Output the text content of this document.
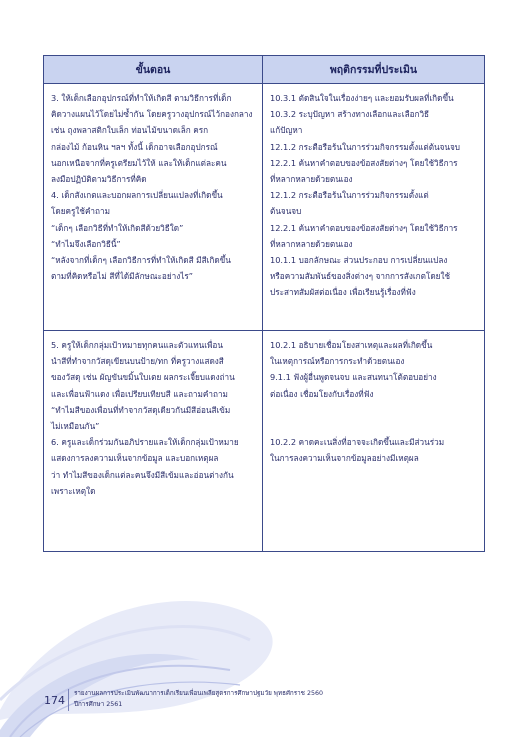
ขั้นตอน	พฤติกรรมที่ประเมิน

3. ให้เด็กเลือกอุปกรณ์ที่ทำให้เกิดสี ตามวิธีการที่เด็ก

คิดวางแผนไว้โดยไม่ซ้ำกัน โดยครูวางอุปกรณ์ไว้กองกลาง

เช่น ถุงพลาสติกใบเล็ก ท่อนไม้ขนาดเล็ก ครก

กล่องไม้ ก้อนหิน ฯลฯ ทั้งนี้ เด็กอาจเลือกอุปกรณ์

นอกเหนือจากที่ครูเตรียมไว้ให้ และให้เด็กแต่ละคน

ลงมือปฏิบัติตามวิธีการที่คิด

4. เด็กสังเกตและบอกผลการเปลี่ยนแปลงที่เกิดขึ้น

โดยครูใช้คำถาม

“เด็กๆ เลือกวิธีที่ทำให้เกิดสีด้วยวิธีใด”

“ทำไมจึงเลือกวิธีนี้”

“หลังจากที่เด็กๆ เลือกวิธีการที่ทำให้เกิดสี มีสีเกิดขึ้น

ตามที่คิดหรือไม่ สีที่ได้มีลักษณะอย่างไร”

10.3.1 ตัดสินใจในเรื่องง่ายๆ และยอมรับผลที่เกิดขึ้น

10.3.2 ระบุปัญหา สร้างทางเลือกและเลือกวิธี

แก้ปัญหา

12.1.2 กระตือรือร้นในการร่วมกิจกรรมตั้งแต่ต้นจนจบ

12.2.1 ค้นหาคำตอบของข้อสงสัยต่างๆ โดยใช้วิธีการ

ที่หลากหลายด้วยตนเอง

12.1.2 กระตือรือร้นในการร่วมกิจกรรมตั้งแต่

ต้นจนจบ

12.2.1 ค้นหาคำตอบของข้อสงสัยต่างๆ โดยใช้วิธีการ

ที่หลากหลายด้วยตนเอง

10.1.1 บอกลักษณะ ส่วนประกอบ การเปลี่ยนแปลง

หรือความสัมพันธ์ของสิ่งต่างๆ จากการสังเกตโดยใช้

ประสาทสัมผัสต่อเนื่อง เพื่อเรียนรู้เรื่องที่ฟัง

5. ครูให้เด็กกลุ่มเป้าหมายทุกคนและตัวแทนเพื่อน

นำสีที่ทำจากวัสดุเขียนบนป้าย/ทก ที่ครูวางแสดงสี

ของวัสดุ เช่น ผัญขันขมิ้นใบเตย ผลกระเจี๊ยบแดงถ่าน

และเพื่อนฟ้าแดง เพื่อเปรียบเทียบสี และถามคำถาม

“ทำไมสีของเพื่อนที่ทำจากวัสดุเดียวกันมีสีอ่อนสีเข้ม

ไม่เหมือนกัน”

6. ครูและเด็กร่วมกันอภิปรายและให้เด็กกลุ่มเป้าหมาย

แสดงการลงความเห็นจากข้อมูล และบอกเหตุผล

ว่า ทำไมสีของเด็กแต่ละคนจึงมีสีเข้มและอ่อนต่างกัน

เพราะเหตุใด

10.2.1 อธิบายเชื่อมโยงสาเหตุและผลที่เกิดขึ้น

ในเหตุการณ์หรือการกระทำด้วยตนเอง

9.1.1 ฟังผู้อื่นพูดจนจบ และสนทนาโต้ตอบอย่าง

ต่อเนื่อง เชื่อมโยงกับเรื่องที่ฟัง

10.2.2 คาดคะเนสิ่งที่อาจจะเกิดขึ้นและมีส่วนร่วม

ในการลงความเห็นจากข้อมูลอย่างมีเหตุผล

174
รายงานผลการประเมินพัฒนาการเด็กเรียนเพื่อนเพลียสูตรการศึกษาปฐมวัย พุทธศักราช 2560
ปีการศึกษา 2561
